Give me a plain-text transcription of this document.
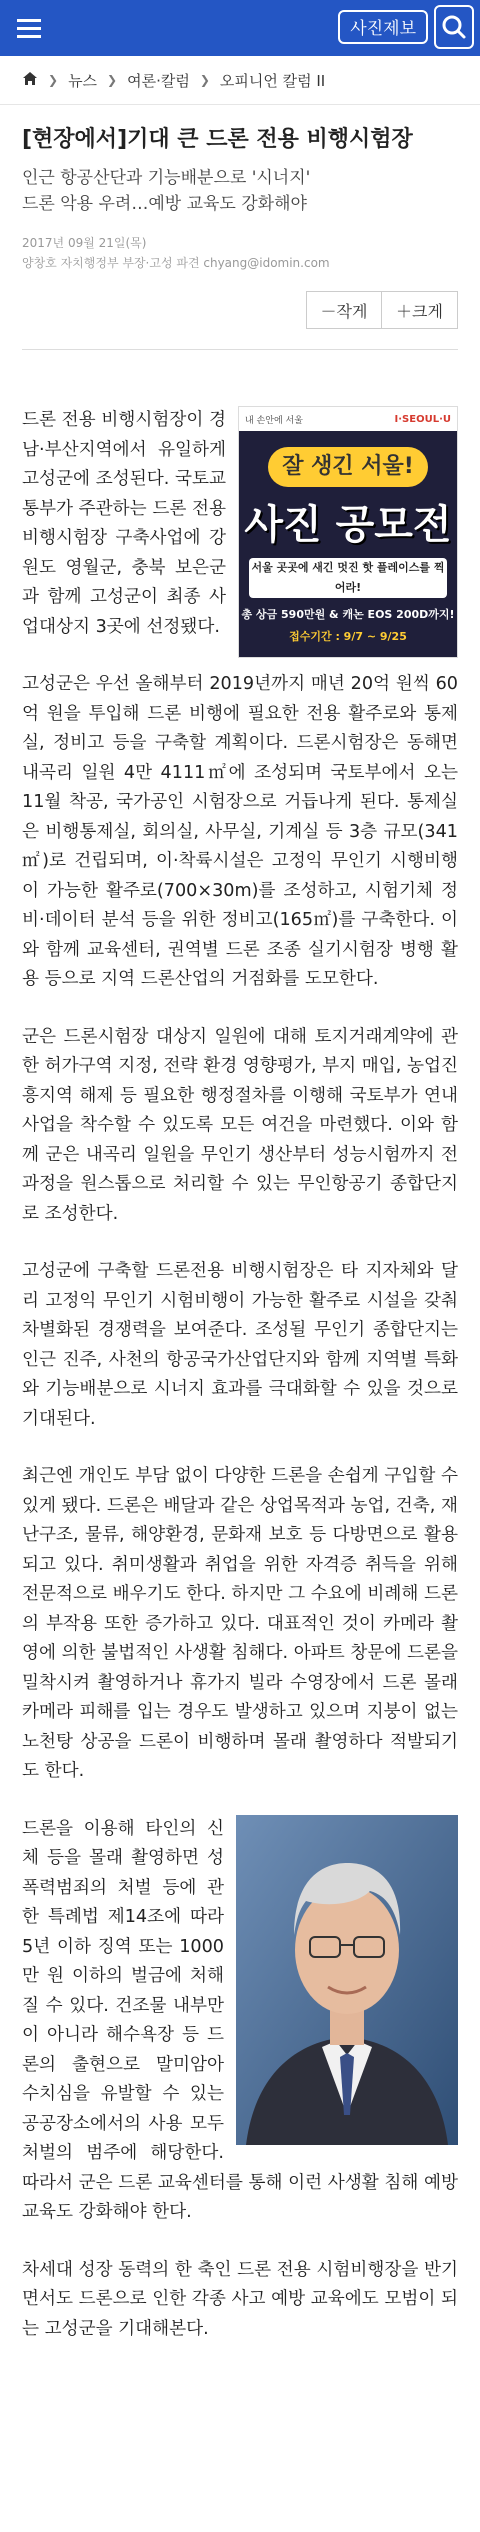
사진제보
❯ 뉴스 ❯ 여론·칼럼 ❯ 오피니언 칼럼 II
[현장에서]기대 큰 드론 전용 비행시험장
인근 항공산단과 기능배분으로 '시너지'
드론 악용 우려…예방 교육도 강화해야
2017년 09월 21일(목)
양창호 자치행정부 부장·고성 파견 chyang@idomin.com
－작게	＋크게
내 손안에 서울	I·SEOUL·U
잘 생긴 서울!
사진 공모전
서울 곳곳에 새긴 멋진 핫 플레이스를 찍어라!
총 상금 590만원 & 캐논 EOS 200D까지!
접수기간 : 9/7 ~ 9/25

드론 전용 비행시험장이 경남·부산지역에서 유일하게 고성군에 조성된다. 국토교통부가 주관하는 드론 전용 비행시험장 구축사업에 강원도 영월군, 충북 보은군과 함께 고성군이 최종 사업대상지 3곳에 선정됐다.

고성군은 우선 올해부터 2019년까지 매년 20억 원씩 60억 원을 투입해 드론 비행에 필요한 전용 활주로와 통제실, 정비고 등을 구축할 계획이다. 드론시험장은 동해면 내곡리 일원 4만 4111㎡에 조성되며 국토부에서 오는 11월 착공, 국가공인 시험장으로 거듭나게 된다. 통제실은 비행통제실, 회의실, 사무실, 기계실 등 3층 규모(341㎡)로 건립되며, 이·착륙시설은 고정익 무인기 시행비행이 가능한 활주로(700×30m)를 조성하고, 시험기체 정비·데이터 분석 등을 위한 정비고(165㎡)를 구축한다. 이와 함께 교육센터, 권역별 드론 조종 실기시험장 병행 활용 등으로 지역 드론산업의 거점화를 도모한다.

군은 드론시험장 대상지 일원에 대해 토지거래계약에 관한 허가구역 지정, 전략 환경 영향평가, 부지 매입, 농업진흥지역 해제 등 필요한 행정절차를 이행해 국토부가 연내 사업을 착수할 수 있도록 모든 여건을 마련했다. 이와 함께 군은 내곡리 일원을 무인기 생산부터 성능시험까지 전 과정을 원스톱으로 처리할 수 있는 무인항공기 종합단지로 조성한다.

고성군에 구축할 드론전용 비행시험장은 타 지자체와 달리 고정익 무인기 시험비행이 가능한 활주로 시설을 갖춰 차별화된 경쟁력을 보여준다. 조성될 무인기 종합단지는 인근 진주, 사천의 항공국가산업단지와 함께 지역별 특화와 기능배분으로 시너지 효과를 극대화할 수 있을 것으로 기대된다.

최근엔 개인도 부담 없이 다양한 드론을 손쉽게 구입할 수 있게 됐다. 드론은 배달과 같은 상업목적과 농업, 건축, 재난구조, 물류, 해양환경, 문화재 보호 등 다방면으로 활용되고 있다. 취미생활과 취업을 위한 자격증 취득을 위해 전문적으로 배우기도 한다. 하지만 그 수요에 비례해 드론의 부작용 또한 증가하고 있다. 대표적인 것이 카메라 촬영에 의한 불법적인 사생활 침해다. 아파트 창문에 드론을 밀착시켜 촬영하거나 휴가지 빌라 수영장에서 드론 몰래카메라 피해를 입는 경우도 발생하고 있으며 지붕이 없는 노천탕 상공을 드론이 비행하며 몰래 촬영하다 적발되기도 한다.

드론을 이용해 타인의 신체 등을 몰래 촬영하면 성폭력범죄의 처벌 등에 관한 특례법 제14조에 따라 5년 이하 징역 또는 1000만 원 이하의 벌금에 처해질 수 있다. 건조물 내부만이 아니라 해수욕장 등 드론의 출현으로 말미암아 수치심을 유발할 수 있는 공공장소에서의 사용 모두 처벌의 범주에 해당한다. 따라서 군은 드론 교육센터를 통해 이런 사생활 침해 예방 교육도 강화해야 한다.

차세대 성장 동력의 한 축인 드론 전용 시험비행장을 반기면서도 드론으로 인한 각종 사고 예방 교육에도 모범이 되는 고성군을 기대해본다.
